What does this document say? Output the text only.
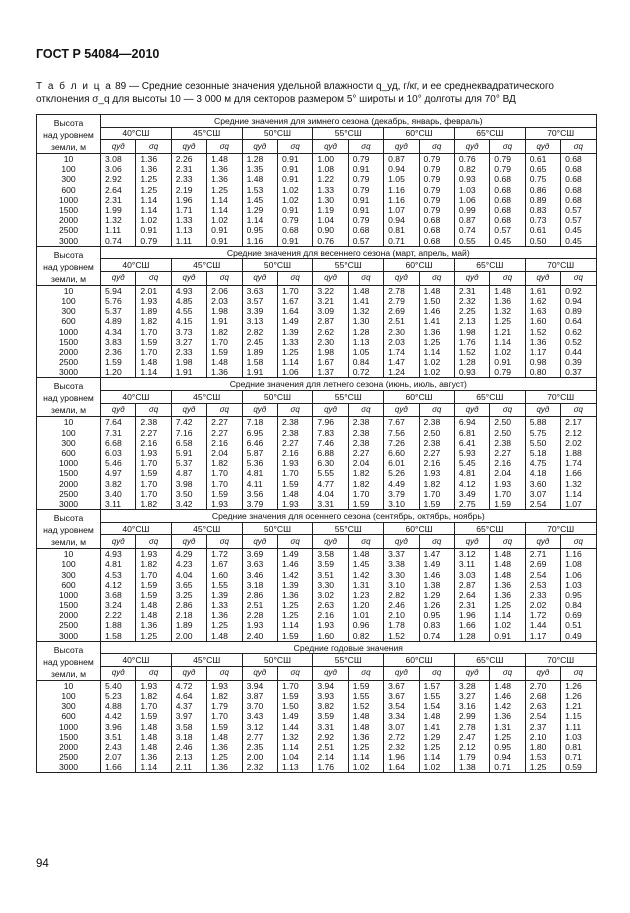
ГОСТ Р 54084—2010
Т а б л и ц а 89 — Средние сезонные значения удельной влажности q_уд, г/кг, и ее среднеквадратического отклонения σ_q для высоты 10 — 3 000 м для секторов размером 5° широты и 10° долготы для 70° ВД
Высота
над уровнем
земли, м	Средние значения для зимнего сезона (декабрь, январь, февраль)													
	40°СШ		45°СШ		50°СШ		55°СШ		60°СШ		65°СШ		70°СШ	
	qуд	σq	qуд	σq	qуд	σq	qуд	σq	qуд	σq	qуд	σq	qуд	σq
10	3.08	1.36	2.26	1.48	1.28	0.91	1.00	0.79	0.87	0.79	0.76	0.79	0.61	0.68
100	3.06	1.36	2.31	1.36	1.35	0.91	1.08	0.91	0.94	0.79	0.82	0.79	0.65	0.68
300	2.92	1.25	2.33	1.36	1.48	0.91	1.22	0.79	1.05	0.79	0.93	0.68	0.75	0.68
600	2.64	1.25	2.19	1.25	1.53	1.02	1.33	0.79	1.16	0.79	1.03	0.68	0.86	0.68
1000	2.31	1.14	1.96	1.14	1.45	1.02	1.30	0.91	1.16	0.79	1.06	0.68	0.89	0.68
1500	1.99	1.14	1.71	1.14	1.29	0.91	1.19	0.91	1.07	0.79	0.99	0.68	0.83	0.57
2000	1.32	1.02	1.33	1.02	1.14	0.79	1.04	0.79	0.94	0.68	0.87	0.68	0.73	0.57
2500	1.11	0.91	1.13	0.91	0.95	0.68	0.90	0.68	0.81	0.68	0.74	0.57	0.61	0.45
3000	0.74	0.79	1.11	0.91	1.16	0.91	0.76	0.57	0.71	0.68	0.55	0.45	0.50	0.45

Высота
над уровнем
земли, м	Средние значения для весеннего сезона (март, апрель, май)													
	40°СШ		45°СШ		50°СШ		55°СШ		60°СШ		65°СШ		70°СШ	
	qуд	σq	qуд	σq	qуд	σq	qуд	σq	qуд	σq	qуд	σq	qуд	σq
10	5.94	2.01	4.93	2.06	3.63	1.70	3.22	1.48	2.78	1.48	2.31	1.48	1.61	0.92
100	5.76	1.93	4.85	2.03	3.57	1.67	3.21	1.41	2.79	1.50	2.32	1.36	1.62	0.94
300	5.37	1.89	4.55	1.98	3.39	1.64	3.09	1.32	2.69	1.46	2.25	1.32	1.63	0.89
600	4.89	1.82	4.15	1.91	3.13	1.49	2.87	1.30	2.51	1.41	2.13	1.25	1.60	0.64
1000	4.34	1.70	3.73	1.82	2.82	1.39	2.62	1.28	2.30	1.36	1.98	1.21	1.52	0.62
1500	3.83	1.59	3.27	1.70	2.45	1.33	2.30	1.13	2.03	1.25	1.76	1.14	1.36	0.52
2000	2.36	1.70	2.33	1.59	1.89	1.25	1.98	1.05	1.74	1.14	1.52	1.02	1.17	0.44
2500	1.59	1.48	1.98	1.48	1.58	1.14	1.67	0.84	1.47	1.02	1.28	0.91	0.98	0.39
3000	1.20	1.14	1.91	1.36	1.91	1.06	1.37	0.72	1.24	1.02	0.93	0.79	0.80	0.37

Высота
над уровнем
земли, м	Средние значения для летнего сезона (июнь, июль, август)													
	40°СШ		45°СШ		50°СШ		55°СШ		60°СШ		65°СШ		70°СШ	
	qуд	σq	qуд	σq	qуд	σq	qуд	σq	qуд	σq	qуд	σq	qуд	σq
10	7.64	2.38	7.42	2.27	7.18	2.38	7.96	2.38	7.67	2.38	6.94	2.50	5.88	2.17
100	7.31	2.27	7.16	2.27	6.95	2.38	7.83	2.38	7.56	2.50	6.81	2.50	5.75	2.12
300	6.68	2.16	6.58	2.16	6.46	2.27	7.46	2.38	7.26	2.38	6.41	2.38	5.50	2.02
600	6.03	1.93	5.91	2.04	5.87	2.16	6.88	2.27	6.60	2.27	5.93	2.27	5.18	1.88
1000	5.46	1.70	5.37	1.82	5.36	1.93	6.30	2.04	6.01	2.16	5.45	2.16	4.75	1.74
1500	4.97	1.59	4.87	1.70	4.81	1.70	5.55	1.82	5.26	1.93	4.81	2.04	4.18	1.66
2000	3.82	1.70	3.98	1.70	4.11	1.59	4.77	1.82	4.49	1.82	4.12	1.93	3.60	1.32
2500	3.40	1.70	3.50	1.59	3.56	1.48	4.04	1.70	3.79	1.70	3.49	1.70	3.07	1.14
3000	3.11	1.82	3.42	1.93	3.79	1.93	3.31	1.59	3.10	1.59	2.75	1.59	2.54	1.07

Высота
над уровнем
земли, м	Средние значения для осеннего сезона (сентябрь, октябрь, ноябрь)													
	40°СШ		45°СШ		50°СШ		55°СШ		60°СШ		65°СШ		70°СШ	
	qуд	σq	qуд	σq	qуд	σq	qуд	σq	qуд	σq	qуд	σq	qуд	σq
10	4.93	1.93	4.29	1.72	3.69	1.49	3.58	1.48	3.37	1.47	3.12	1.48	2.71	1.16
100	4.81	1.82	4.23	1.67	3.63	1.46	3.59	1.45	3.38	1.49	3.11	1.48	2.69	1.08
300	4.53	1.70	4.04	1.60	3.46	1.42	3.51	1.42	3.30	1.46	3.03	1.48	2.54	1.06
600	4.12	1.59	3.65	1.55	3.18	1.39	3.30	1.31	3.10	1.38	2.87	1.36	2.53	1.03
1000	3.68	1.59	3.25	1.39	2.86	1.36	3.02	1.23	2.82	1.29	2.64	1.36	2.33	0.95
1500	3.24	1.48	2.86	1.33	2.51	1.25	2.63	1.20	2.46	1.26	2.31	1.25	2.02	0.84
2000	2.22	1.48	2.18	1.36	2.28	1.25	2.16	1.01	2.10	0.95	1.96	1.14	1.72	0.69
2500	1.88	1.36	1.89	1.25	1.93	1.14	1.93	0.96	1.78	0.83	1.66	1.02	1.44	0.51
3000	1.58	1.25	2.00	1.48	2.40	1.59	1.60	0.82	1.52	0.74	1.28	0.91	1.17	0.49

Высота
над уровнем
земли, м	Средние годовые значения													
	40°СШ		45°СШ		50°СШ		55°СШ		60°СШ		65°СШ		70°СШ	
	qуд	σq	qуд	σq	qуд	σq	qуд	σq	qуд	σq	qуд	σq	qуд	σq
10	5.40	1.93	4.72	1.93	3.94	1.70	3.94	1.59	3.67	1.57	3.28	1.48	2.70	1.26
100	5.23	1.82	4.64	1.82	3.87	1.59	3.93	1.55	3.67	1.55	3.27	1.46	2.68	1.26
300	4.88	1.70	4.37	1.79	3.70	1.50	3.82	1.52	3.54	1.54	3.16	1.42	2.63	1.21
600	4.42	1.59	3.97	1.70	3.43	1.49	3.59	1.48	3.34	1.48	2.99	1.36	2.54	1.15
1000	3.96	1.48	3.58	1.59	3.12	1.44	3.31	1.48	3.07	1.41	2.78	1.31	2.37	1.11
1500	3.51	1.48	3.18	1.48	2.77	1.32	2.92	1.36	2.72	1.29	2.47	1.25	2.10	1.03
2000	2.43	1.48	2.46	1.36	2.35	1.14	2.51	1.25	2.32	1.25	2.12	0.95	1.80	0.81
2500	2.07	1.36	2.13	1.25	2.00	1.04	2.14	1.14	1.96	1.14	1.79	0.94	1.53	0.71
3000	1.66	1.14	2.11	1.36	2.32	1.13	1.76	1.02	1.64	1.02	1.38	0.71	1.25	0.59
94
